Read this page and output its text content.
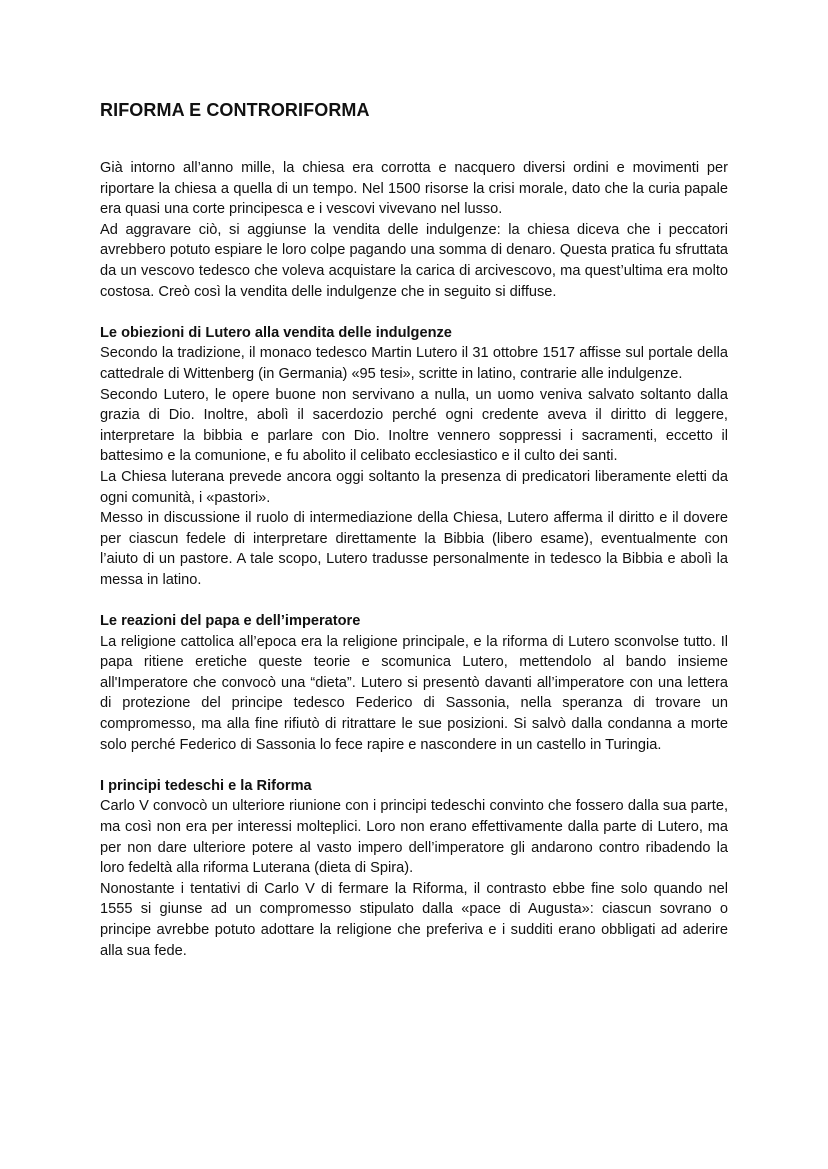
RIFORMA E CONTRORIFORMA

Già intorno all’anno mille, la chiesa era corrotta e nacquero diversi ordini e movimenti per riportare la chiesa a quella di un tempo. Nel 1500 risorse la crisi morale, dato che la curia papale era quasi una corte principesca e i vescovi vivevano nel lusso.

Ad aggravare ciò, si aggiunse la vendita delle indulgenze: la chiesa diceva che i peccatori avrebbero potuto espiare le loro colpe pagando una somma di denaro. Questa pratica fu sfruttata da un vescovo tedesco che voleva acquistare la carica di arcivescovo, ma quest’ultima era molto costosa. Creò così la vendita delle indulgenze che in seguito si diffuse.

Le obiezioni di Lutero alla vendita delle indulgenze

Secondo la tradizione, il monaco tedesco Martin Lutero il 31 ottobre 1517 affisse sul portale della cattedrale di Wittenberg (in Germania) «95 tesi», scritte in latino, contrarie alle indulgenze.

Secondo Lutero, le opere buone non servivano a nulla, un uomo veniva salvato soltanto dalla grazia di Dio. Inoltre, abolì il sacerdozio perché ogni credente aveva il diritto di leggere, interpretare la bibbia e parlare con Dio. Inoltre vennero soppressi i sacramenti, eccetto il battesimo e la comunione, e fu abolito il celibato ecclesiastico e il culto dei santi.

La Chiesa luterana prevede ancora oggi soltanto la presenza di predicatori liberamente eletti da ogni comunità, i «pastori».

Messo in discussione il ruolo di intermediazione della Chiesa, Lutero afferma il diritto e il dovere per ciascun fedele di interpretare direttamente la Bibbia (libero esame), eventualmente con l’aiuto di un pastore. A tale scopo, Lutero tradusse personalmente in tedesco la Bibbia e abolì la messa in latino.

Le reazioni del papa e dell’imperatore

La religione cattolica all’epoca era la religione principale, e la riforma di Lutero sconvolse tutto. Il papa ritiene eretiche queste teorie e scomunica Lutero, mettendolo al bando insieme all'Imperatore che convocò una “dieta”. Lutero si presentò davanti all’imperatore con una lettera di protezione del principe tedesco Federico di Sassonia, nella speranza di trovare un compromesso, ma alla fine rifiutò di ritrattare le sue posizioni. Si salvò dalla condanna a morte solo perché Federico di Sassonia lo fece rapire e nascondere in un castello in Turingia.

I principi tedeschi e la Riforma

Carlo V convocò un ulteriore riunione con i principi tedeschi convinto che fossero dalla sua parte, ma così non era per interessi molteplici. Loro non erano effettivamente dalla parte di Lutero, ma per non dare ulteriore potere al vasto impero dell’imperatore gli andarono contro ribadendo la loro fedeltà alla riforma Luterana (dieta di Spira).

Nonostante i tentativi di Carlo V di fermare la Riforma, il contrasto ebbe fine solo quando nel 1555 si giunse ad un compromesso stipulato dalla «pace di Augusta»: ciascun sovrano o principe avrebbe potuto adottare la religione che preferiva e i sudditi erano obbligati ad aderire alla sua fede.
